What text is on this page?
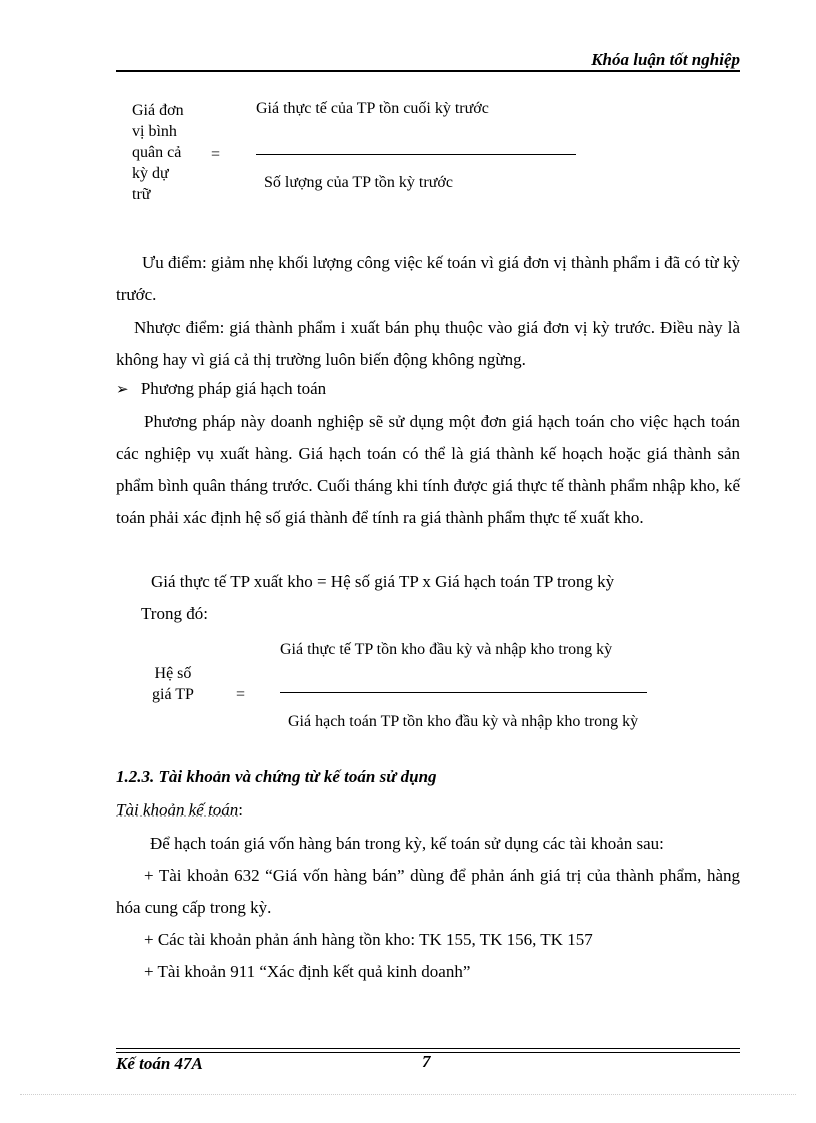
Khóa luận tốt nghiệp
Giá đơn
vị bình
quân cả
kỳ dự
trữ
=
Giá thực tế của TP tồn cuối kỳ trước
Số lượng của TP tồn kỳ trước

Ưu điểm: giảm nhẹ khối lượng công việc kế toán vì giá đơn vị thành phẩm i đã có từ kỳ trước.

Nhược điểm: giá thành phẩm i xuất bán phụ thuộc vào giá đơn vị kỳ trước. Điều này là không hay vì giá cả thị trường luôn biến động không ngừng.

➢ Phương pháp giá hạch toán

Phương pháp này doanh nghiệp sẽ sử dụng một đơn giá hạch toán cho việc hạch toán các nghiệp vụ xuất hàng. Giá hạch toán có thể là giá thành kế hoạch hoặc giá thành sản phẩm bình quân tháng trước. Cuối tháng khi tính được giá thực tế thành phẩm nhập kho, kế toán phải xác định hệ số giá thành để tính ra giá thành phẩm thực tế xuất kho.

Giá thực tế TP xuất kho = Hệ số giá TP x Giá hạch toán TP trong kỳ
Trong đó:
Hệ số
giá TP	=
Giá thực tế TP tồn kho đầu kỳ và nhập kho trong kỳ
Giá hạch toán TP tồn kho đầu kỳ và nhập kho trong kỳ
1.2.3. Tài khoản và chứng từ kế toán sử dụng
Tài khoản kế toán:

Để hạch toán giá vốn hàng bán trong kỳ, kế toán sử dụng các tài khoản sau:

+ Tài khoản 632 “Giá vốn hàng bán” dùng để phản ánh giá trị của thành phẩm, hàng hóa cung cấp trong kỳ.

+ Các tài khoản phản ánh hàng tồn kho: TK 155, TK 156, TK 157

+ Tài khoản 911 “Xác định kết quả kinh doanh”

Kế toán 47A	7
